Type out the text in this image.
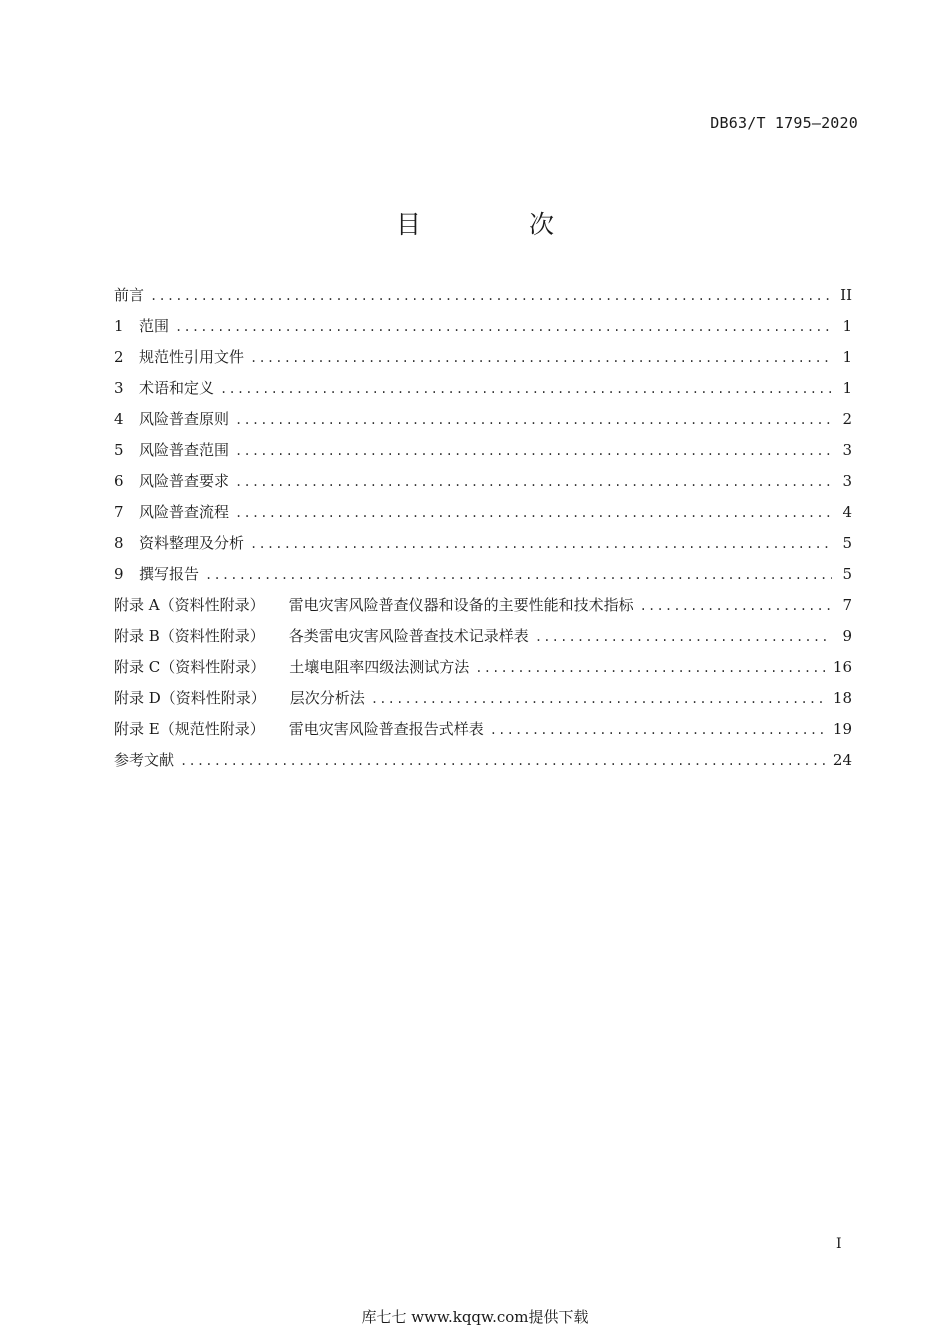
DB63/T 1795—2020
目 次
前言 .....	II
1	范围 .....	1
2	规范性引用文件 .....	1
3	术语和定义 .....	1
4	风险普查原则 .....	2
5	风险普查范围 .....	3
6	风险普查要求 .....	3
7	风险普查流程 .....	4
8	资料整理及分析 .....	5
9	撰写报告 .....	5
附录 A（资料性附录） 雷电灾害风险普查仪器和设备的主要性能和技术指标 .....	7
附录 B（资料性附录） 各类雷电灾害风险普查技术记录样表 .....	9
附录 C（资料性附录） 土壤电阻率四级法测试方法 .....	16
附录 D（资料性附录） 层次分析法 .....	18
附录 E（规范性附录） 雷电灾害风险普查报告式样表 .....	19
参考文献 .....	24
I
库七七 www.kqqw.com提供下载
